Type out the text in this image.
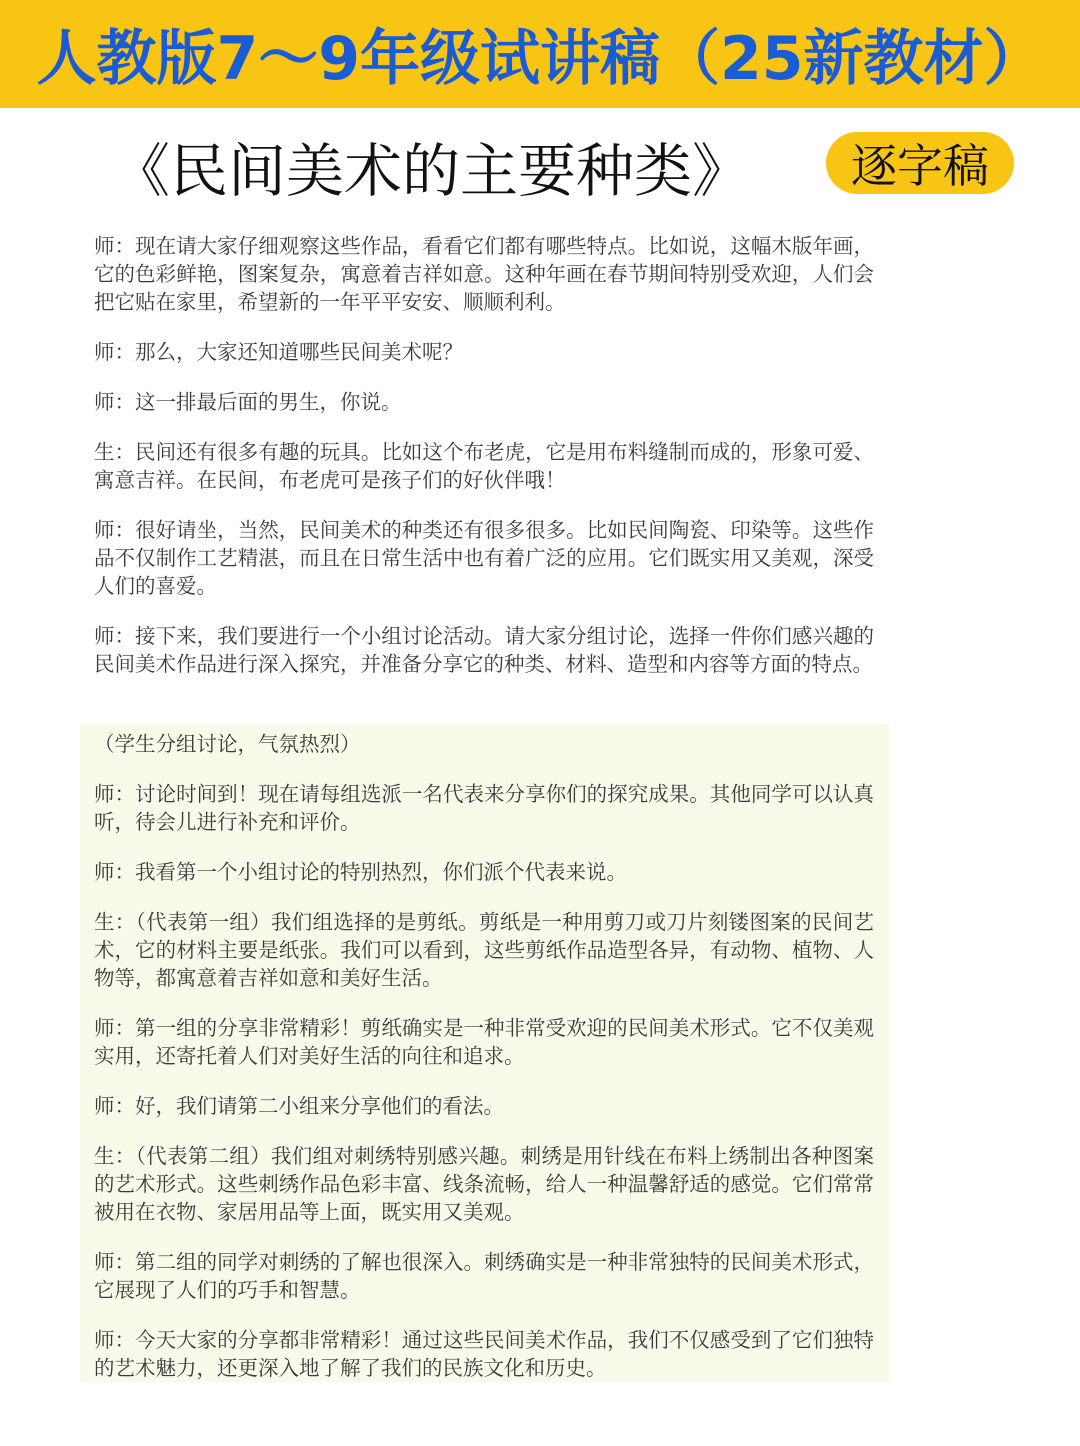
人教版7～9年级试讲稿（25新教材）
《民间美术的主要种类》	逐字稿

师：现在请大家仔细观察这些作品，看看它们都有哪些特点。比如说，这幅木版年画，它的色彩鲜艳，图案复杂，寓意着吉祥如意。这种年画在春节期间特别受欢迎，人们会把它贴在家里，希望新的一年平平安安、顺顺利利。

师：那么，大家还知道哪些民间美术呢？

师：这一排最后面的男生，你说。

生：民间还有很多有趣的玩具。比如这个布老虎，它是用布料缝制而成的，形象可爱、寓意吉祥。在民间，布老虎可是孩子们的好伙伴哦！

师：很好请坐，当然，民间美术的种类还有很多很多。比如民间陶瓷、印染等。这些作品不仅制作工艺精湛，而且在日常生活中也有着广泛的应用。它们既实用又美观，深受人们的喜爱。

师：接下来，我们要进行一个小组讨论活动。请大家分组讨论，选择一件你们感兴趣的民间美术作品进行深入探究，并准备分享它的种类、材料、造型和内容等方面的特点。

（学生分组讨论，气氛热烈）

师：讨论时间到！现在请每组选派一名代表来分享你们的探究成果。其他同学可以认真听，待会儿进行补充和评价。

师：我看第一个小组讨论的特别热烈，你们派个代表来说。

生：（代表第一组）我们组选择的是剪纸。剪纸是一种用剪刀或刀片刻镂图案的民间艺术，它的材料主要是纸张。我们可以看到，这些剪纸作品造型各异，有动物、植物、人物等，都寓意着吉祥如意和美好生活。

师：第一组的分享非常精彩！剪纸确实是一种非常受欢迎的民间美术形式。它不仅美观实用，还寄托着人们对美好生活的向往和追求。

师：好，我们请第二小组来分享他们的看法。

生：（代表第二组）我们组对刺绣特别感兴趣。刺绣是用针线在布料上绣制出各种图案的艺术形式。这些刺绣作品色彩丰富、线条流畅，给人一种温馨舒适的感觉。它们常常被用在衣物、家居用品等上面，既实用又美观。

师：第二组的同学对刺绣的了解也很深入。刺绣确实是一种非常独特的民间美术形式，它展现了人们的巧手和智慧。

师：今天大家的分享都非常精彩！通过这些民间美术作品，我们不仅感受到了它们独特的艺术魅力，还更深入地了解了我们的民族文化和历史。
